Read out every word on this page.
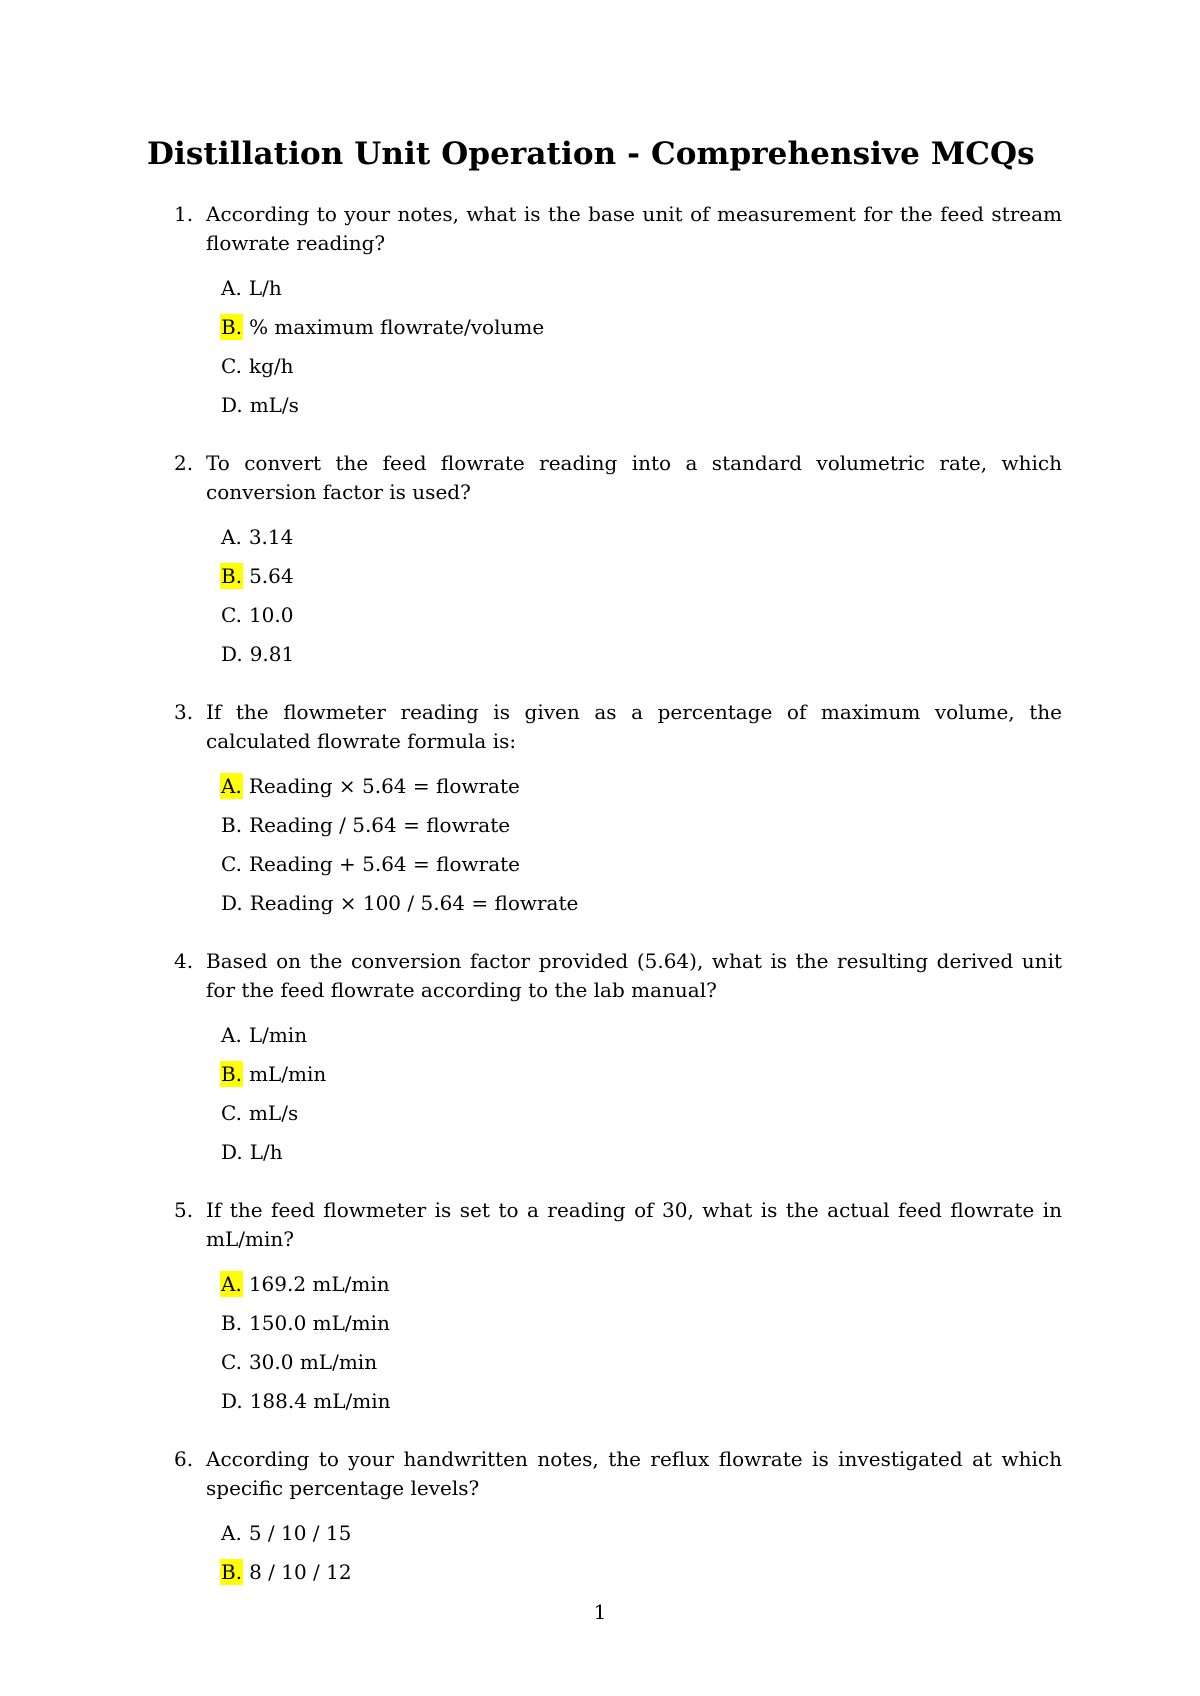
Distillation Unit Operation - Comprehensive MCQs
1. According to your notes, what is the base unit of measurement for the feed stream flowrate reading?
A. L/h
B. % maximum flowrate/volume
C. kg/h
D. mL/s
2. To convert the feed flowrate reading into a standard volumetric rate, which conversion factor is used?
A. 3.14
B. 5.64
C. 10.0
D. 9.81
3. If the flowmeter reading is given as a percentage of maximum volume, the calculated flowrate formula is:
A. Reading × 5.64 = flowrate
B. Reading / 5.64 = flowrate
C. Reading + 5.64 = flowrate
D. Reading × 100 / 5.64 = flowrate
4. Based on the conversion factor provided (5.64), what is the resulting derived unit for the feed flowrate according to the lab manual?
A. L/min
B. mL/min
C. mL/s
D. L/h
5. If the feed flowmeter is set to a reading of 30, what is the actual feed flowrate in mL/min?
A. 169.2 mL/min
B. 150.0 mL/min
C. 30.0 mL/min
D. 188.4 mL/min
6. According to your handwritten notes, the reflux flowrate is investigated at which specific percentage levels?
A. 5 / 10 / 15
B. 8 / 10 / 12
1
